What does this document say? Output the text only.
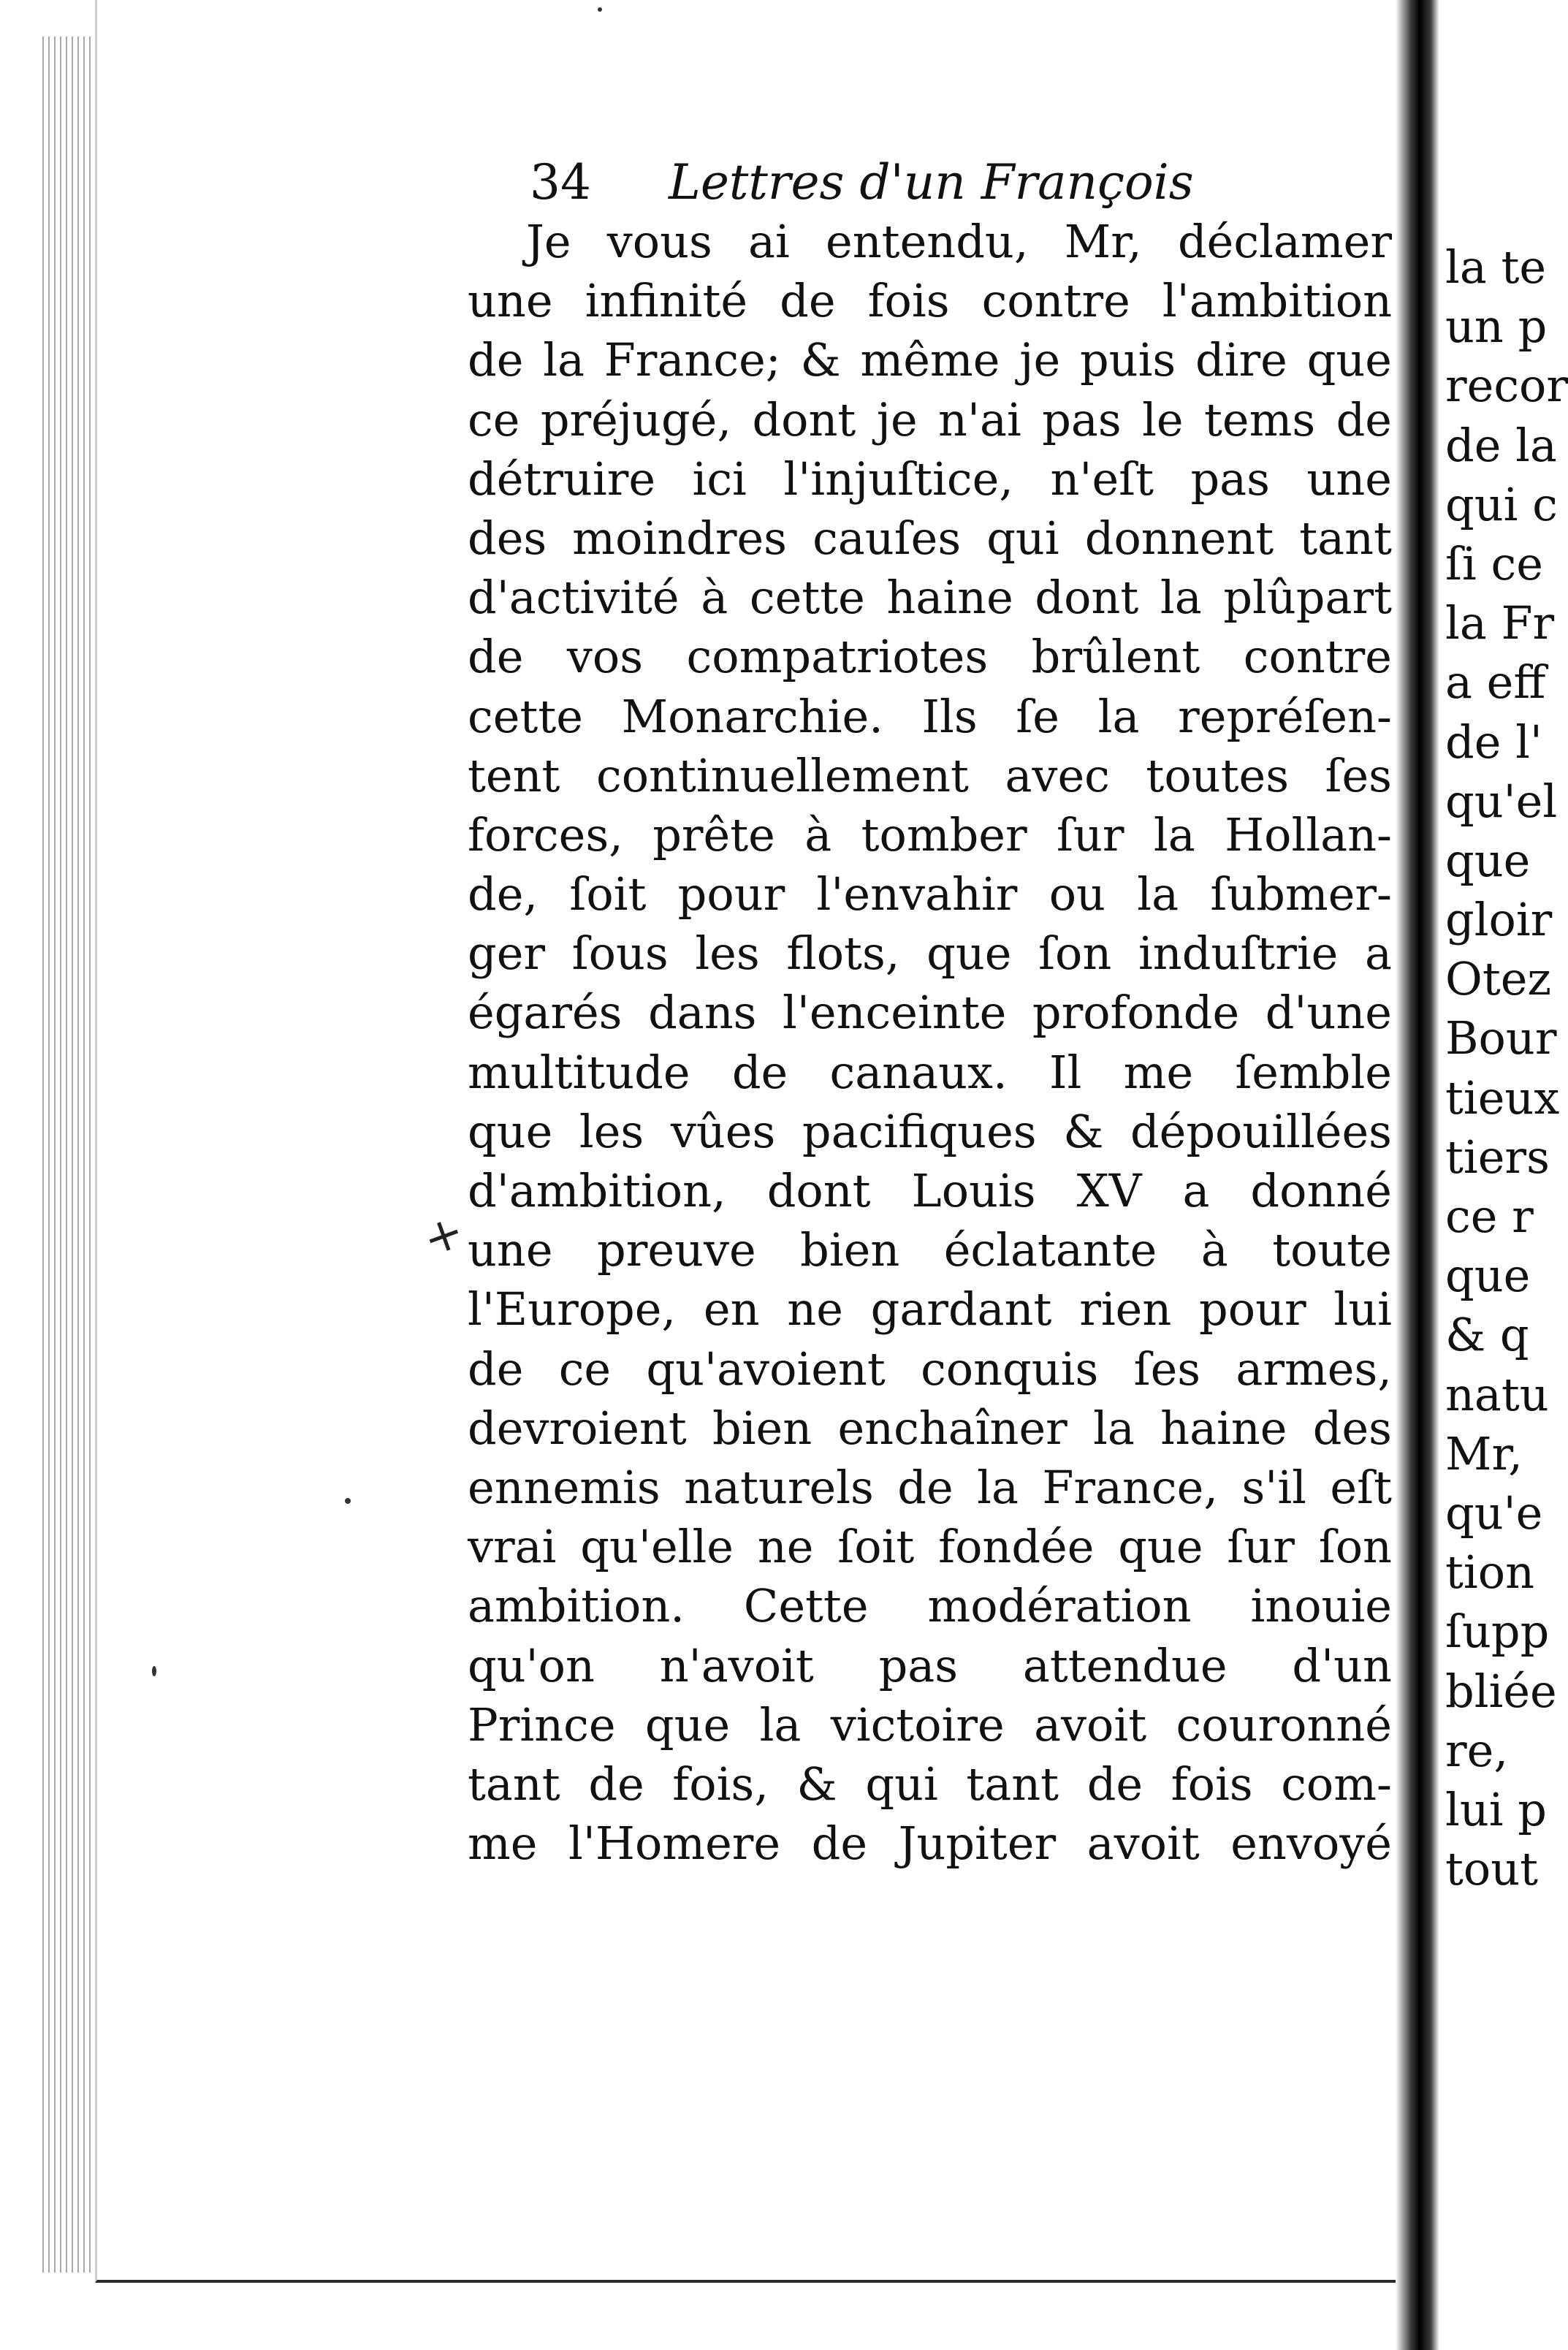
34 Lettres d'un François
Je vous ai entendu, Mr, déclamer
une infinité de fois contre l'ambition
de la France; & même je puis dire que
ce préjugé, dont je n'ai pas le tems de
détruire ici l'injuſtice, n'eſt pas une
des moindres cauſes qui donnent tant
d'activité à cette haine dont la plûpart
de vos compatriotes brûlent contre
cette Monarchie. Ils ſe la repréſen-
tent continuellement avec toutes ſes
forces, prête à tomber ſur la Hollan-
de, ſoit pour l'envahir ou la ſubmer-
ger ſous les flots, que ſon induſtrie a
égarés dans l'enceinte profonde d'une
multitude de canaux. Il me ſemble
que les vûes pacifiques & dépouillées
d'ambition, dont Louis XV a donné
une preuve bien éclatante à toute
l'Europe, en ne gardant rien pour lui
de ce qu'avoient conquis ſes armes,
devroient bien enchaîner la haine des
ennemis naturels de la France, s'il eſt
vrai qu'elle ne ſoit fondée que ſur ſon
ambition. Cette modération inouie
qu'on n'avoit pas attendue d'un
Prince que la victoire avoit couronné
tant de fois, & qui tant de fois com-
me l'Homere de Jupiter avoit envoyé
+
la te
un p
recor
de la
qui c
ſi ce
la Fr
a eff
de l'
qu'el
que
gloir
Otez
Bour
tieux
tiers
ce r
que
& q
natu
Mr,
qu'e
tion
ſupp
bliée
re,
lui p
tout
